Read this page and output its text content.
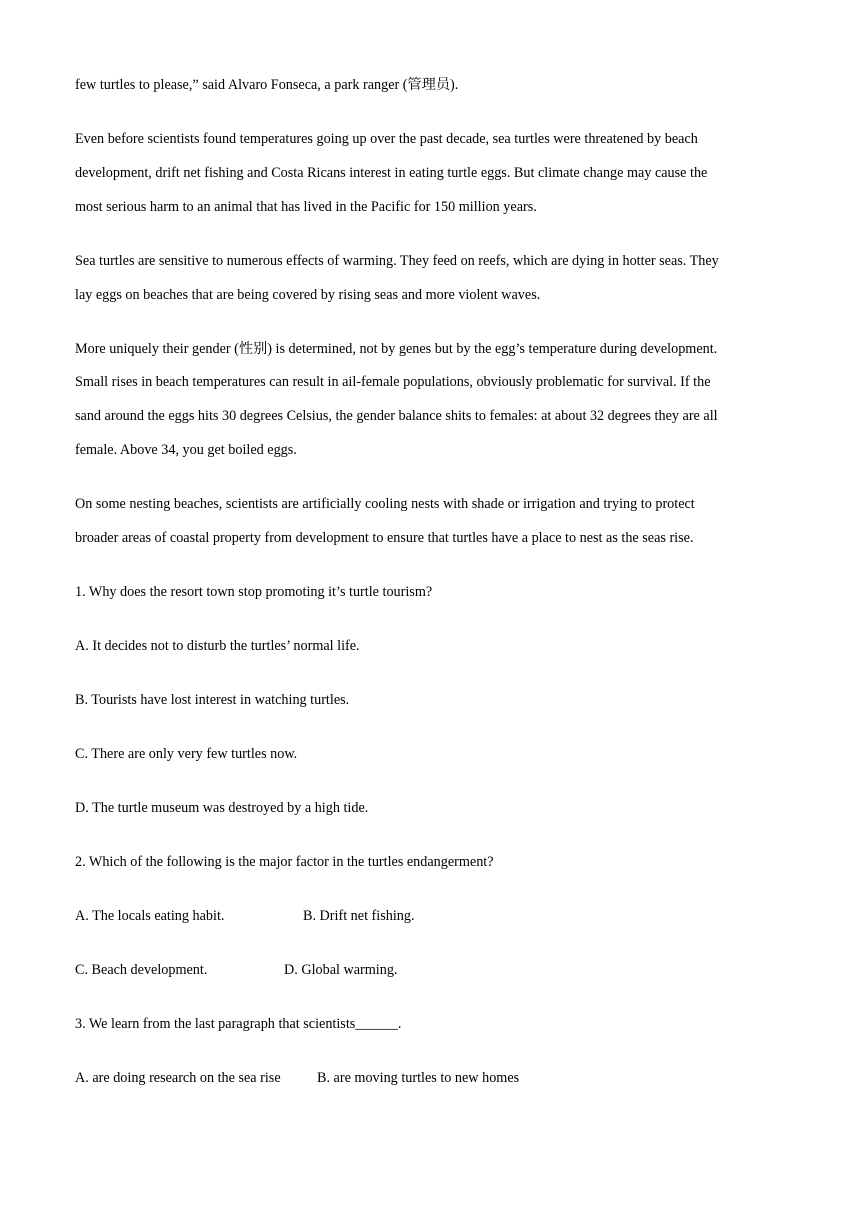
few turtles to please,” said Alvaro Fonseca, a park ranger (管理员).
Even before scientists found temperatures going up over the past decade, sea turtles were threatened by beach
development, drift net fishing and Costa Ricans interest in eating turtle eggs. But climate change may cause the
most serious harm to an animal that has lived in the Pacific for 150 million years.
Sea turtles are sensitive to numerous effects of warming. They feed on reefs, which are dying in hotter seas. They
lay eggs on beaches that are being covered by rising seas and more violent waves.
More uniquely their gender (性别) is determined, not by genes but by the egg’s temperature during development.
Small rises in beach temperatures can result in ail-female populations, obviously problematic for survival. If the
sand around the eggs hits 30 degrees Celsius, the gender balance shits to females: at about 32 degrees they are all
female. Above 34, you get boiled eggs.
On some nesting beaches, scientists are artificially cooling nests with shade or irrigation and trying to protect
broader areas of coastal property from development to ensure that turtles have a place to nest as the seas rise.
1. Why does the resort town stop promoting it’s turtle tourism?
A. It decides not to disturb the turtles’ normal life.
B. Tourists have lost interest in watching turtles.
C. There are only very few turtles now.
D. The turtle museum was destroyed by a high tide.
2. Which of the following is the major factor in the turtles endangerment?
A. The locals eating habit.	B. Drift net fishing.
C. Beach development.	D. Global warming.
3. We learn from the last paragraph that scientists______.
A. are doing research on the sea rise	B. are moving turtles to new homes
